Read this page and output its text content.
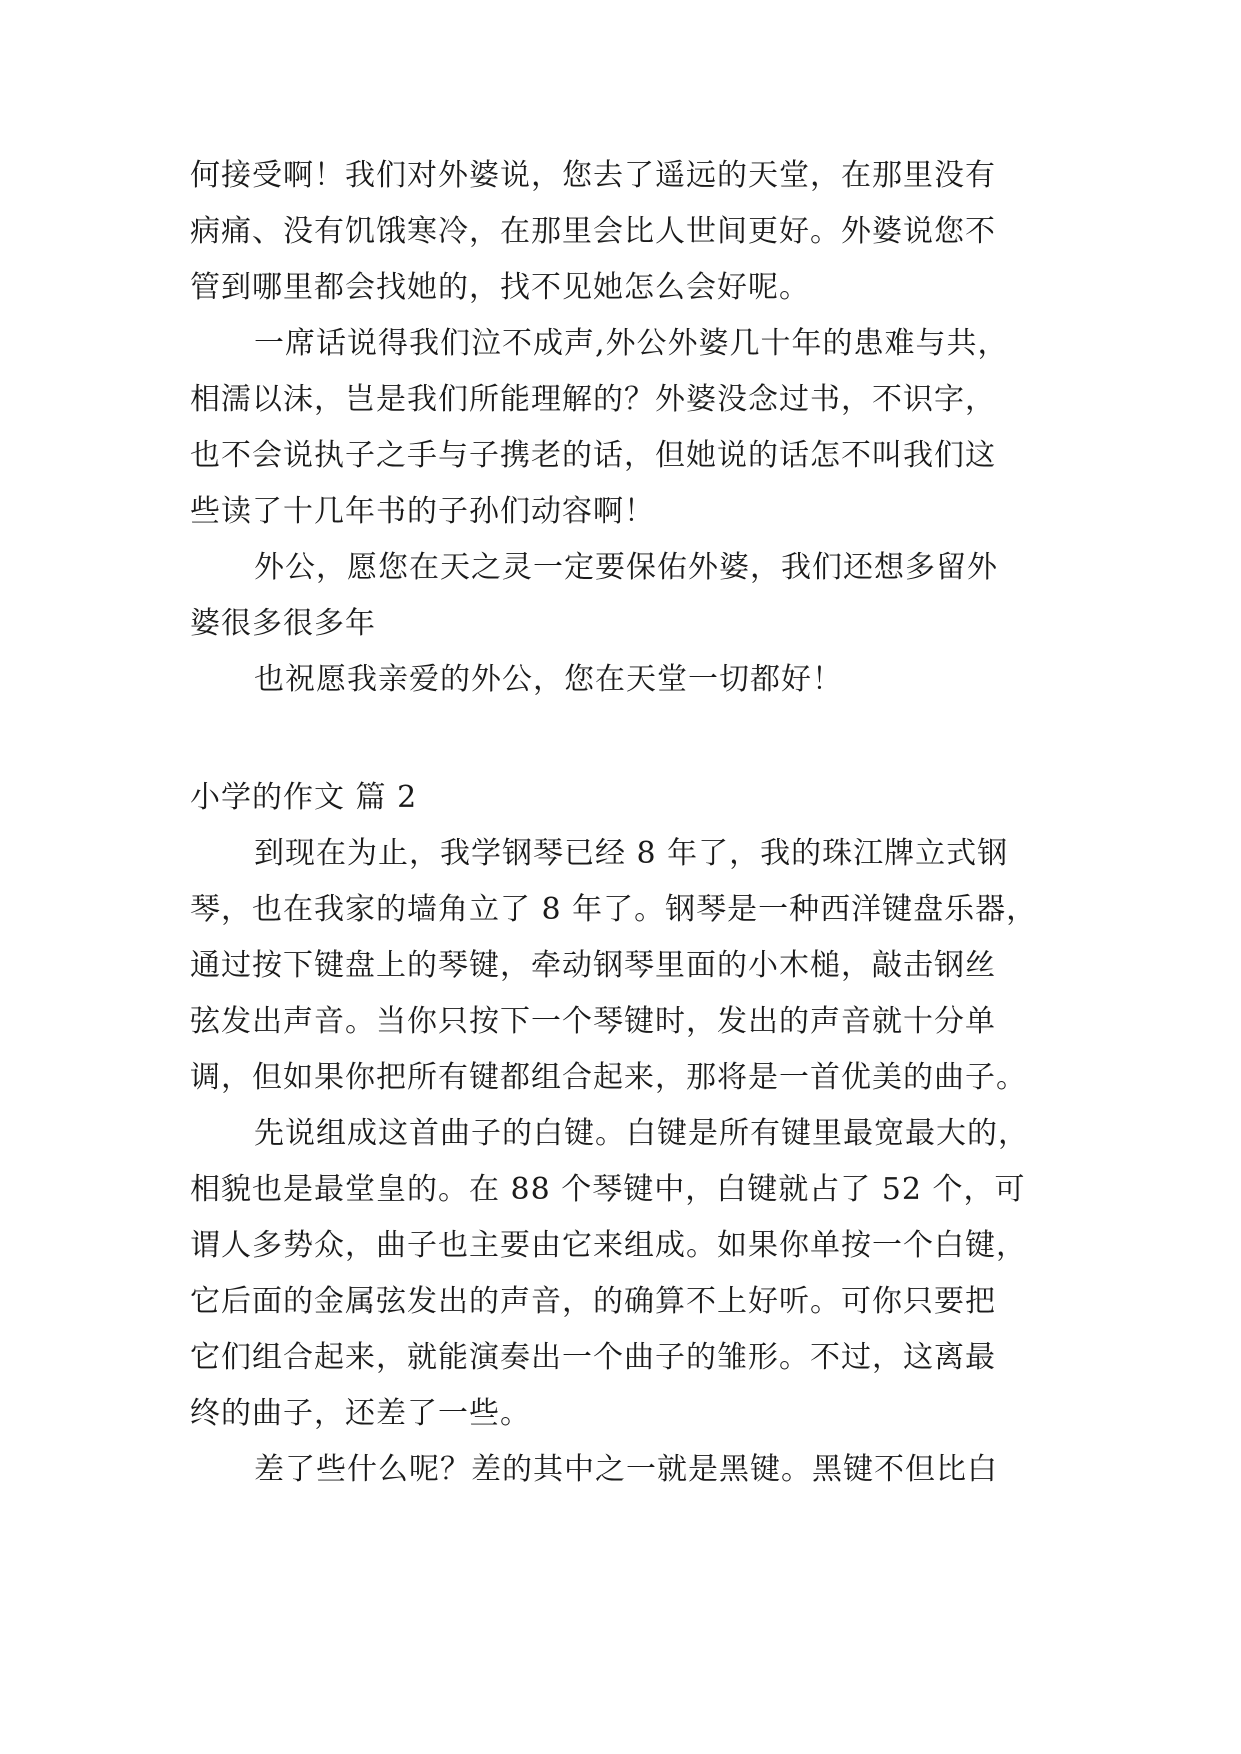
何接受啊！我们对外婆说，您去了遥远的天堂，在那里没有
病痛、没有饥饿寒冷，在那里会比人世间更好。外婆说您不
管到哪里都会找她的，找不见她怎么会好呢。
一席话说得我们泣不成声,外公外婆几十年的患难与共，
相濡以沫，岂是我们所能理解的？外婆没念过书，不识字，
也不会说执子之手与子携老的话，但她说的话怎不叫我们这
些读了十几年书的子孙们动容啊！
外公，愿您在天之灵一定要保佑外婆，我们还想多留外
婆很多很多年
也祝愿我亲爱的外公，您在天堂一切都好！
小学的作文 篇 2
到现在为止，我学钢琴已经 8 年了，我的珠江牌立式钢
琴，也在我家的墙角立了 8 年了。钢琴是一种西洋键盘乐器，
通过按下键盘上的琴键，牵动钢琴里面的小木槌，敲击钢丝
弦发出声音。当你只按下一个琴键时，发出的声音就十分单
调，但如果你把所有键都组合起来，那将是一首优美的曲子。
先说组成这首曲子的白键。白键是所有键里最宽最大的，
相貌也是最堂皇的。在 88 个琴键中，白键就占了 52 个，可
谓人多势众，曲子也主要由它来组成。如果你单按一个白键，
它后面的金属弦发出的声音，的确算不上好听。可你只要把
它们组合起来，就能演奏出一个曲子的雏形。不过，这离最
终的曲子，还差了一些。
差了些什么呢？差的其中之一就是黑键。黑键不但比白
